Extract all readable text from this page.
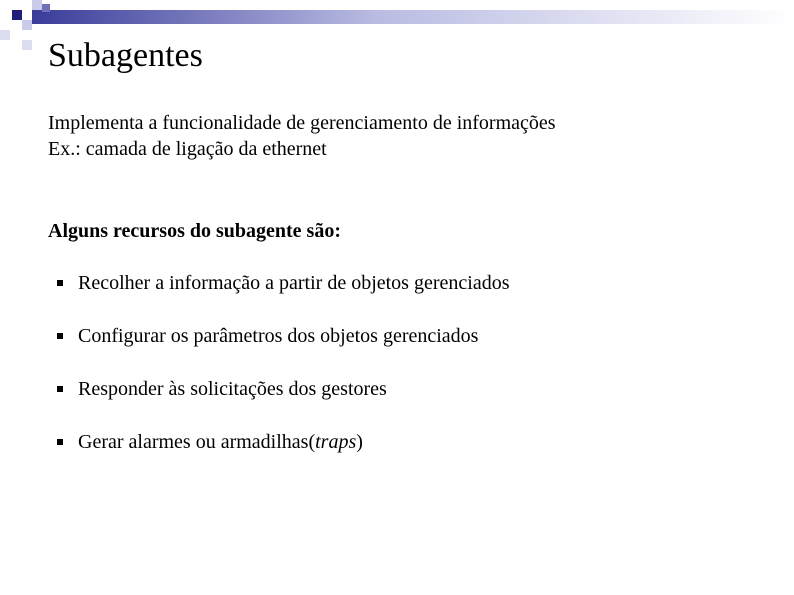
Subagentes
Implementa a funcionalidade de gerenciamento de informações
Ex.: camada de ligação da ethernet
Alguns recursos do subagente são:
Recolher a informação a partir de objetos gerenciados
Configurar os parâmetros dos objetos gerenciados
Responder às solicitações dos gestores
Gerar alarmes ou armadilhas(traps)
